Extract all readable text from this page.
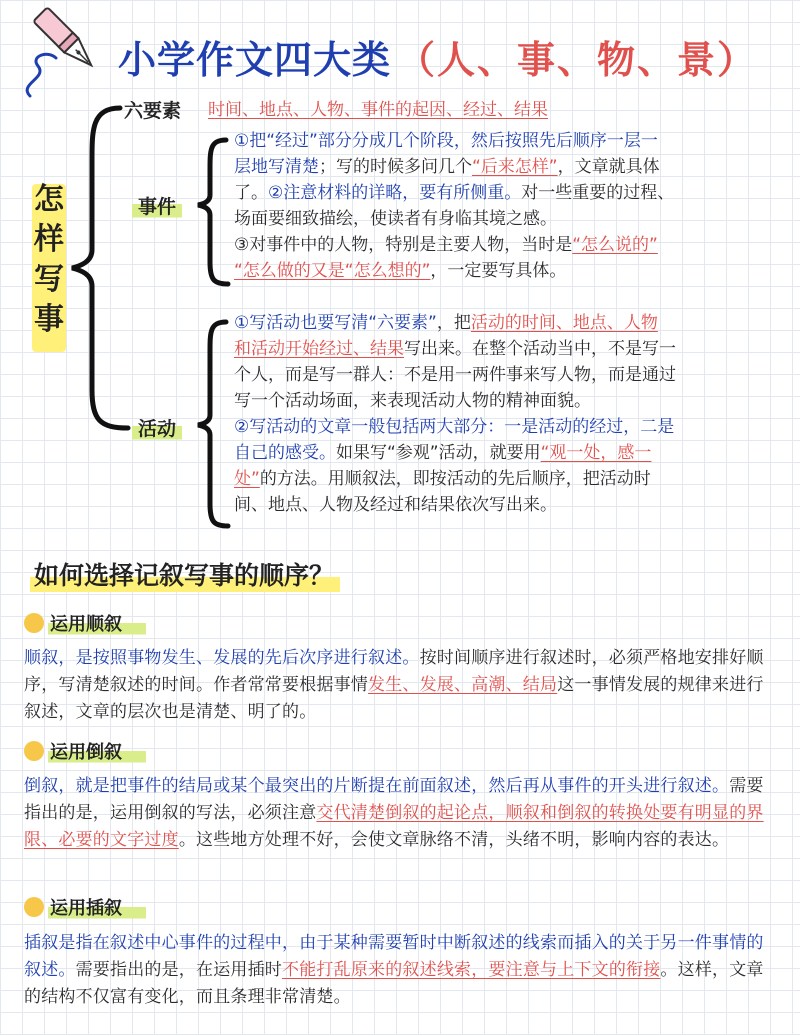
小学作文四大类 （人、事、物、景）
怎
样
写
事
六要素	时间、地点、人物、事件的起因、经过、结果
事件
①把“经过”部分分成几个阶段，然后按照先后顺序一层一
层地写清楚；写的时候多问几个“后来怎样”，文章就具体
了。②注意材料的详略，要有所侧重。对一些重要的过程、
场面要细致描绘，使读者有身临其境之感。
③对事件中的人物，特别是主要人物，当时是“怎么说的”
“怎么做的又是“怎么想的”，一定要写具体。
活动
①写活动也要写清“六要素”，把活动的时间、地点、人物
和活动开始经过、结果写出来。在整个活动当中，不是写一
个人，而是写一群人：不是用一两件事来写人物，而是通过
写一个活动场面，来表现活动人物的精神面貌。
②写活动的文章一般包括两大部分：一是活动的经过，二是
自己的感受。如果写“参观”活动，就要用“观一处，感一
处”的方法。用顺叙法，即按活动的先后顺序，把活动时
间、地点、人物及经过和结果依次写出来。
如何选择记叙写事的顺序？
运用顺叙
顺叙，是按照事物发生、发展的先后次序进行叙述。按时间顺序进行叙述时，必须严格地安排好顺序，写清楚叙述的时间。作者常常要根据事情发生、发展、高潮、结局这一事情发展的规律来进行叙述，文章的层次也是清楚、明了的。
运用倒叙
倒叙，就是把事件的结局或某个最突出的片断提在前面叙述，然后再从事件的开头进行叙述。需要指出的是，运用倒叙的写法，必须注意交代清楚倒叙的起论点，顺叙和倒叙的转换处要有明显的界限、必要的文字过度。这些地方处理不好，会使文章脉络不清，头绪不明，影响内容的表达。
运用插叙
插叙是指在叙述中心事件的过程中，由于某种需要暂时中断叙述的线索而插入的关于另一件事情的叙述。需要指出的是，在运用插时不能打乱原来的叙述线索，要注意与上下文的衔接。这样，文章的结构不仅富有变化，而且条理非常清楚。
